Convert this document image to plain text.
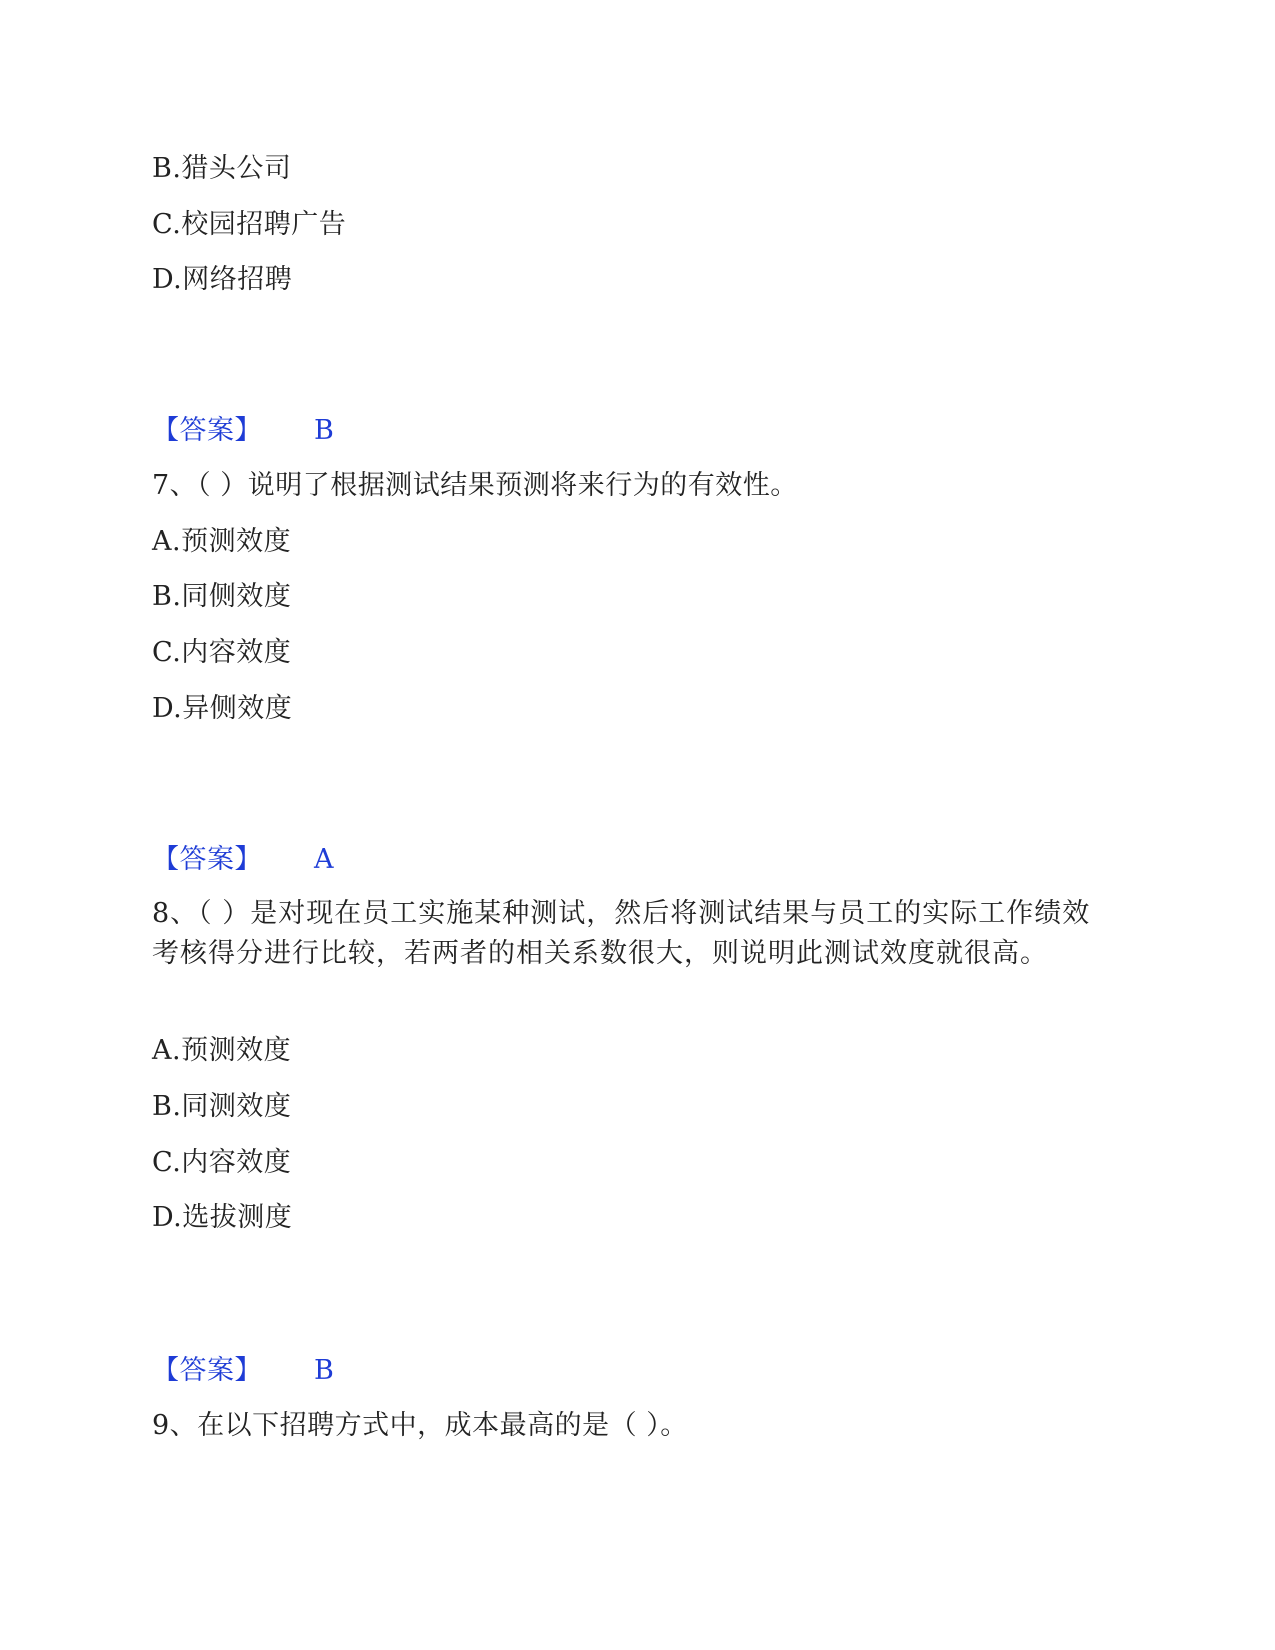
B.猎头公司

C.校园招聘广告

D.网络招聘

【答案】 B

7、（ ）说明了根据测试结果预测将来行为的有效性。

A.预测效度

B.同侧效度

C.内容效度

D.异侧效度

【答案】 A

8、（ ）是对现在员工实施某种测试，然后将测试结果与员工的实际工作绩效考核得分进行比较，若两者的相关系数很大，则说明此测试效度就很高。

A.预测效度

B.同测效度

C.内容效度

D.选拔测度

【答案】 B

9、在以下招聘方式中，成本最高的是（ ）。
